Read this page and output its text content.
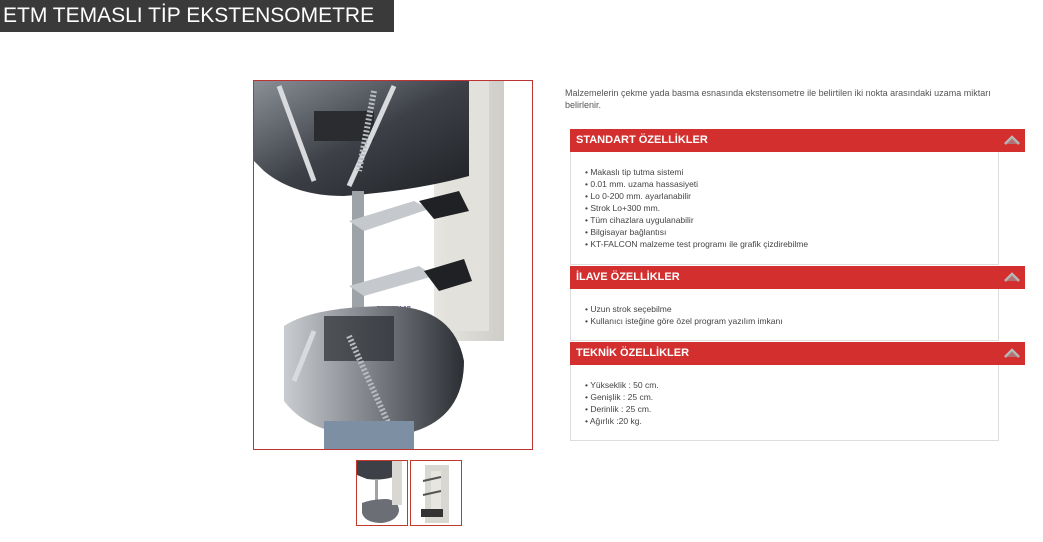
ETM TEMASLI TİP EKSTENSOMETRE
Malzemelerin çekme yada basma esnasında ekstensometre ile belirtilen iki nokta arasındaki uzama miktarı belirlenir.
STANDART ÖZELLİKLER
• Makaslı tip tutma sistemi
• 0.01 mm. uzama hassasiyeti
• Lo 0-200 mm. ayarlanabilir
• Strok Lo+300 mm.
• Tüm cihazlara uygulanabilir
• Bilgisayar bağlantısı
• KT-FALCON malzeme test programı ile grafik çizdirebilme
İLAVE ÖZELLİKLER
• Uzun strok seçebilme
• Kullanıcı isteğine göre özel program yazılım imkanı
TEKNİK ÖZELLİKLER
• Yükseklik : 50 cm.
• Genişlik : 25 cm.
• Derinlik : 25 cm.
• Ağırlık :20 kg.
